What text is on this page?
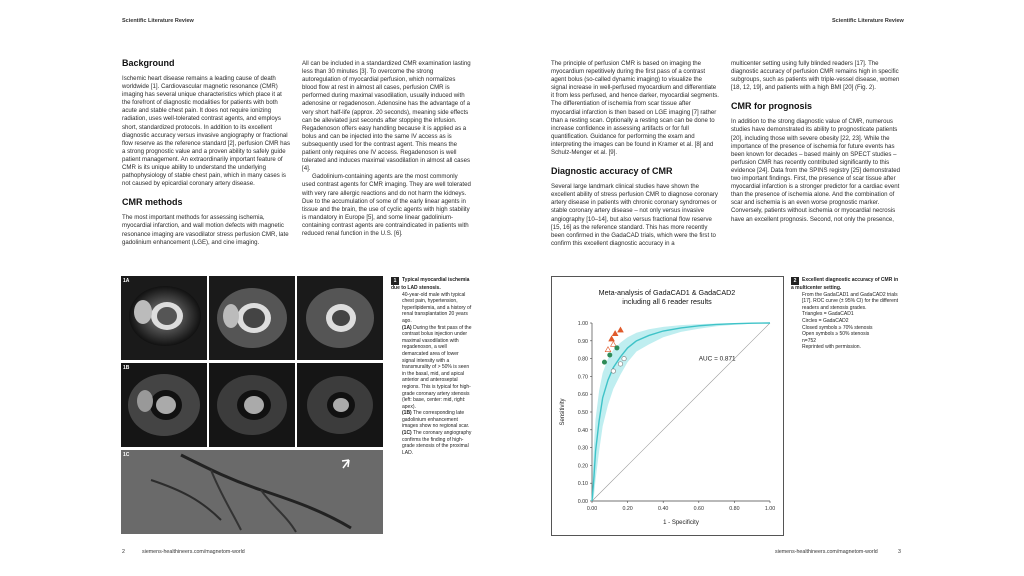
Scientific Literature Review	Scientific Literature Review
Background

Ischemic heart disease remains a leading cause of death worldwide [1]. Cardiovascular magnetic resonance (CMR) imaging has several unique characteristics which place it at the forefront of diagnostic modalities for patients with both acute and stable chest pain. It does not require ionizing radiation, uses well-tolerated contrast agents, and employs short, standardized protocols. In addition to its excellent diagnostic accuracy versus invasive angiography or fractional flow reserve as the reference standard [2], perfusion CMR has a strong prognostic value and a proven ability to safely guide patient management. An extraordinarily important feature of CMR is its unique ability to understand the underlying pathophysiology of stable chest pain, which in many cases is not caused by epicardial coronary artery disease.

CMR methods

The most important methods for assessing ischemia, myocardial infarction, and wall motion defects with magnetic resonance imaging are vasodilator stress perfusion CMR, late gadolinium enhancement (LGE), and cine imaging.

All can be included in a standardized CMR examination lasting less than 30 minutes [3]. To overcome the strong autoregulation of myocardial perfusion, which normalizes blood flow at rest in almost all cases, perfusion CMR is performed during maximal vasodilation, usually induced with adenosine or regadenoson. Adenosine has the advantage of a very short half-life (approx. 20 seconds), meaning side effects can be alleviated just seconds after stopping the infusion. Regadenoson offers easy handling because it is applied as a bolus and can be injected into the same IV access as is subsequently used for the contrast agent. This means the patient only requires one IV access. Regadenoson is well tolerated and induces maximal vasodilation in almost all cases [4].

Gadolinium-containing agents are the most commonly used contrast agents for CMR imaging. They are well tolerated with very rare allergic reactions and do not harm the kidneys. Due to the accumulation of some of the early linear agents in tissue and the brain, the use of cyclic agents with high stability is mandatory in Europe [5], and some linear gadolinium-containing contrast agents are contraindicated in patients with reduced renal function in the U.S. [6].

The principle of perfusion CMR is based on imaging the myocardium repetitively during the first pass of a contrast agent bolus (so-called dynamic imaging) to visualize the signal increase in well-perfused myocardium and differentiate it from less perfused, and hence darker, myocardial segments. The differentiation of ischemia from scar tissue after myocardial infarction is then based on LGE imaging [7] rather than a resting scan. Optionally a resting scan can be done to increase confidence in assessing artifacts or for full quantification. Guidance for performing the exam and interpreting the images can be found in Kramer et al. [8] and Schulz-Menger et al. [9].

Diagnostic accuracy of CMR

Several large landmark clinical studies have shown the excellent ability of stress perfusion CMR to diagnose coronary artery disease in patients with chronic coronary syndromes or stable coronary artery disease – not only versus invasive angiography [10–14], but also versus fractional flow reserve [15, 16] as the reference standard. This has more recently been confirmed in the GadaCAD trials, which were the first to confirm this excellent diagnostic accuracy in a

multicenter setting using fully blinded readers [17]. The diagnostic accuracy of perfusion CMR remains high in specific subgroups, such as patients with triple-vessel disease, women [18, 12, 19], and patients with a high BMI [20] (Fig. 2).

CMR for prognosis

In addition to the strong diagnostic value of CMR, numerous studies have demonstrated its ability to prognosticate patients [20], including those with severe obesity [22, 23]. While the importance of the presence of ischemia for future events has been known for decades – based mainly on SPECT studies – perfusion CMR has recently contributed significantly to this evidence [24]. Data from the SPINS registry [25] demonstrated two important findings. First, the presence of scar tissue after myocardial infarction is a stronger predictor for a cardiac event than the presence of ischemia alone. And the combination of scar and ischemia is an even worse prognostic marker. Conversely, patients without ischemia or myocardial necrosis have an excellent prognosis. Second, not only the presence,

1A
1B
1C
1 Typical myocardial ischemia due to LAD stenosis.
40-year-old male with typical chest pain, hypertension, hyperlipidemia, and a history of renal transplantation 20 years ago.
(1A) During the first pass of the contrast bolus injection under maximal vasodilation with regadenoson, a well demarcated area of lower signal intensity with a transmurality of > 50% is seen in the basal, mid, and apical anterior and anteroseptal regions. This is typical for high-grade coronary artery stenosis (left: base, center: mid, right: apex).
(1B) The corresponding late gadolinium enhancement images show no regional scar.
(1C) The coronary angiography confirms the finding of high-grade stenosis of the proximal LAD.
Meta-analysis of GadaCAD1 & GadaCAD2
including all 6 reader results
0.00
0.10
0.20
0.30
0.40
0.50
0.60
0.70
0.80
0.90
1.00
0.00	0.20	0.40	0.60	0.80	1.00
1 - Specificity
Sensitivity
AUC = 0.871
2 Excellent diagnostic accuracy of CMR in a multicenter setting.
From the GadaCAD1 and GadaCAD2 trials [17]. ROC curve (± 95% CI) for the different readers and stenosis grades.
Triangles = GadaCAD1
Circles = GadaCAD2
Closed symbols ≥ 70% stenosis
Open symbols ≥ 50% stenosis
n=752
Reprinted with permission.
2	siemens-healthineers.com/magnetom-world	siemens-healthineers.com/magnetom-world	3
